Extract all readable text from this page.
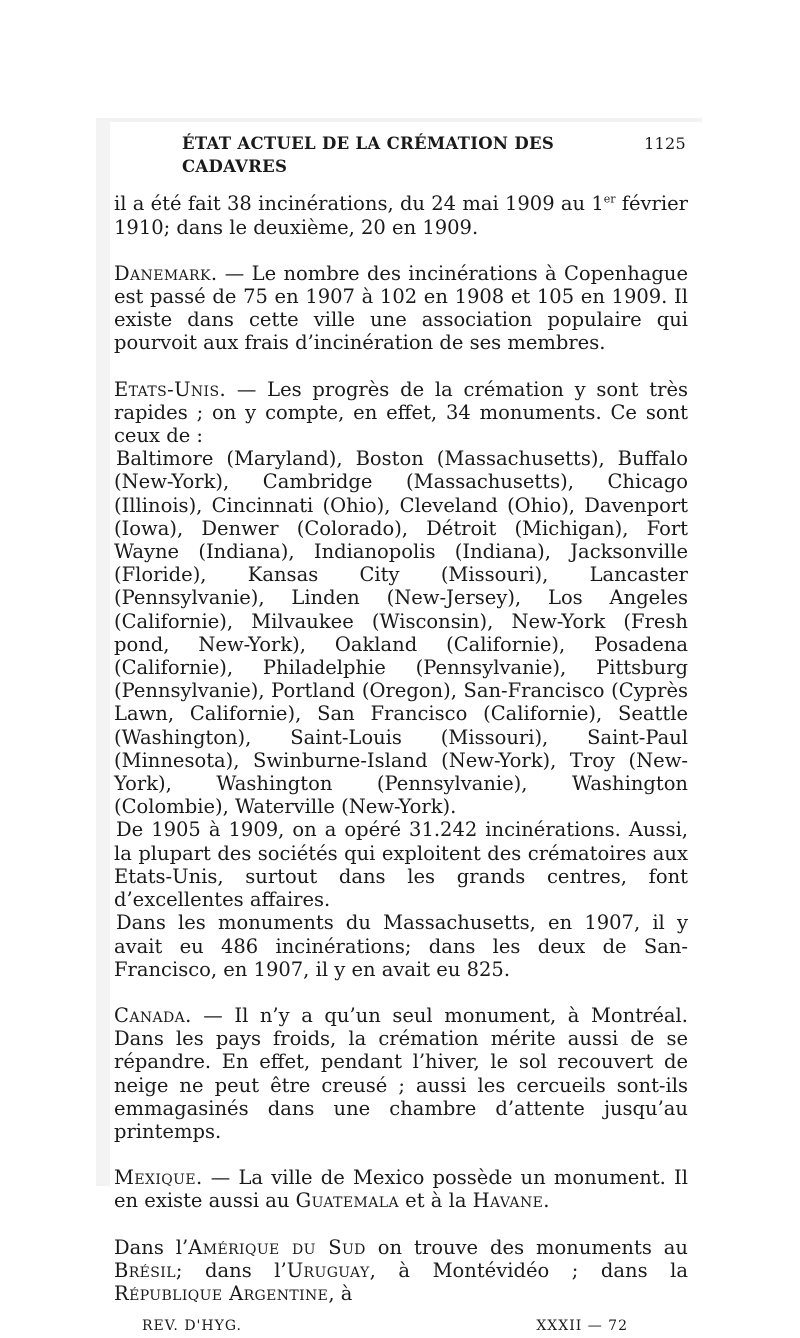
ÉTAT ACTUEL DE LA CRÉMATION DES CADAVRES
1125

il a été fait 38 incinérations, du 24 mai 1909 au 1er février 1910; dans le deuxième, 20 en 1909.

Danemark. — Le nombre des incinérations à Copenhague est passé de 75 en 1907 à 102 en 1908 et 105 en 1909. Il existe dans cette ville une association populaire qui pourvoit aux frais d’incinération de ses membres.

Etats-Unis. — Les progrès de la crémation y sont très rapides ; on y compte, en effet, 34 monuments. Ce sont ceux de :

Baltimore (Maryland), Boston (Massachusetts), Buffalo (New-York), Cambridge (Massachusetts), Chicago (Illinois), Cincinnati (Ohio), Cleveland (Ohio), Davenport (Iowa), Denwer (Colorado), Détroit (Michigan), Fort Wayne (Indiana), Indianopolis (Indiana), Jacksonville (Floride), Kansas City (Missouri), Lancaster (Pennsylvanie), Linden (New-Jersey), Los Angeles (Californie), Milvaukee (Wisconsin), New-York (Fresh pond, New-York), Oakland (Californie), Posadena (Californie), Philadelphie (Pennsylvanie), Pittsburg (Pennsylvanie), Portland (Oregon), San-Francisco (Cyprès Lawn, Californie), San Francisco (Californie), Seattle (Washington), Saint-Louis (Missouri), Saint-Paul (Minnesota), Swinburne-Island (New-York), Troy (New-York), Washington (Pennsylvanie), Washington (Colombie), Waterville (New-York).

De 1905 à 1909, on a opéré 31.242 incinérations. Aussi, la plupart des sociétés qui exploitent des crématoires aux Etats-Unis, surtout dans les grands centres, font d’excellentes affaires.

Dans les monuments du Massachusetts, en 1907, il y avait eu 486 incinérations; dans les deux de San-Francisco, en 1907, il y en avait eu 825.

Canada. — Il n’y a qu’un seul monument, à Montréal. Dans les pays froids, la crémation mérite aussi de se répandre. En effet, pendant l’hiver, le sol recouvert de neige ne peut être creusé ; aussi les cercueils sont-ils emmagasinés dans une chambre d’attente jusqu’au printemps.

Mexique. — La ville de Mexico possède un monument. Il en existe aussi au Guatemala et à la Havane.

Dans l’Amérique du Sud on trouve des monuments au Brésil; dans l’Uruguay, à Montévidéo ; dans la République Argentine, à

REV. D'HYG.	XXXII — 72
